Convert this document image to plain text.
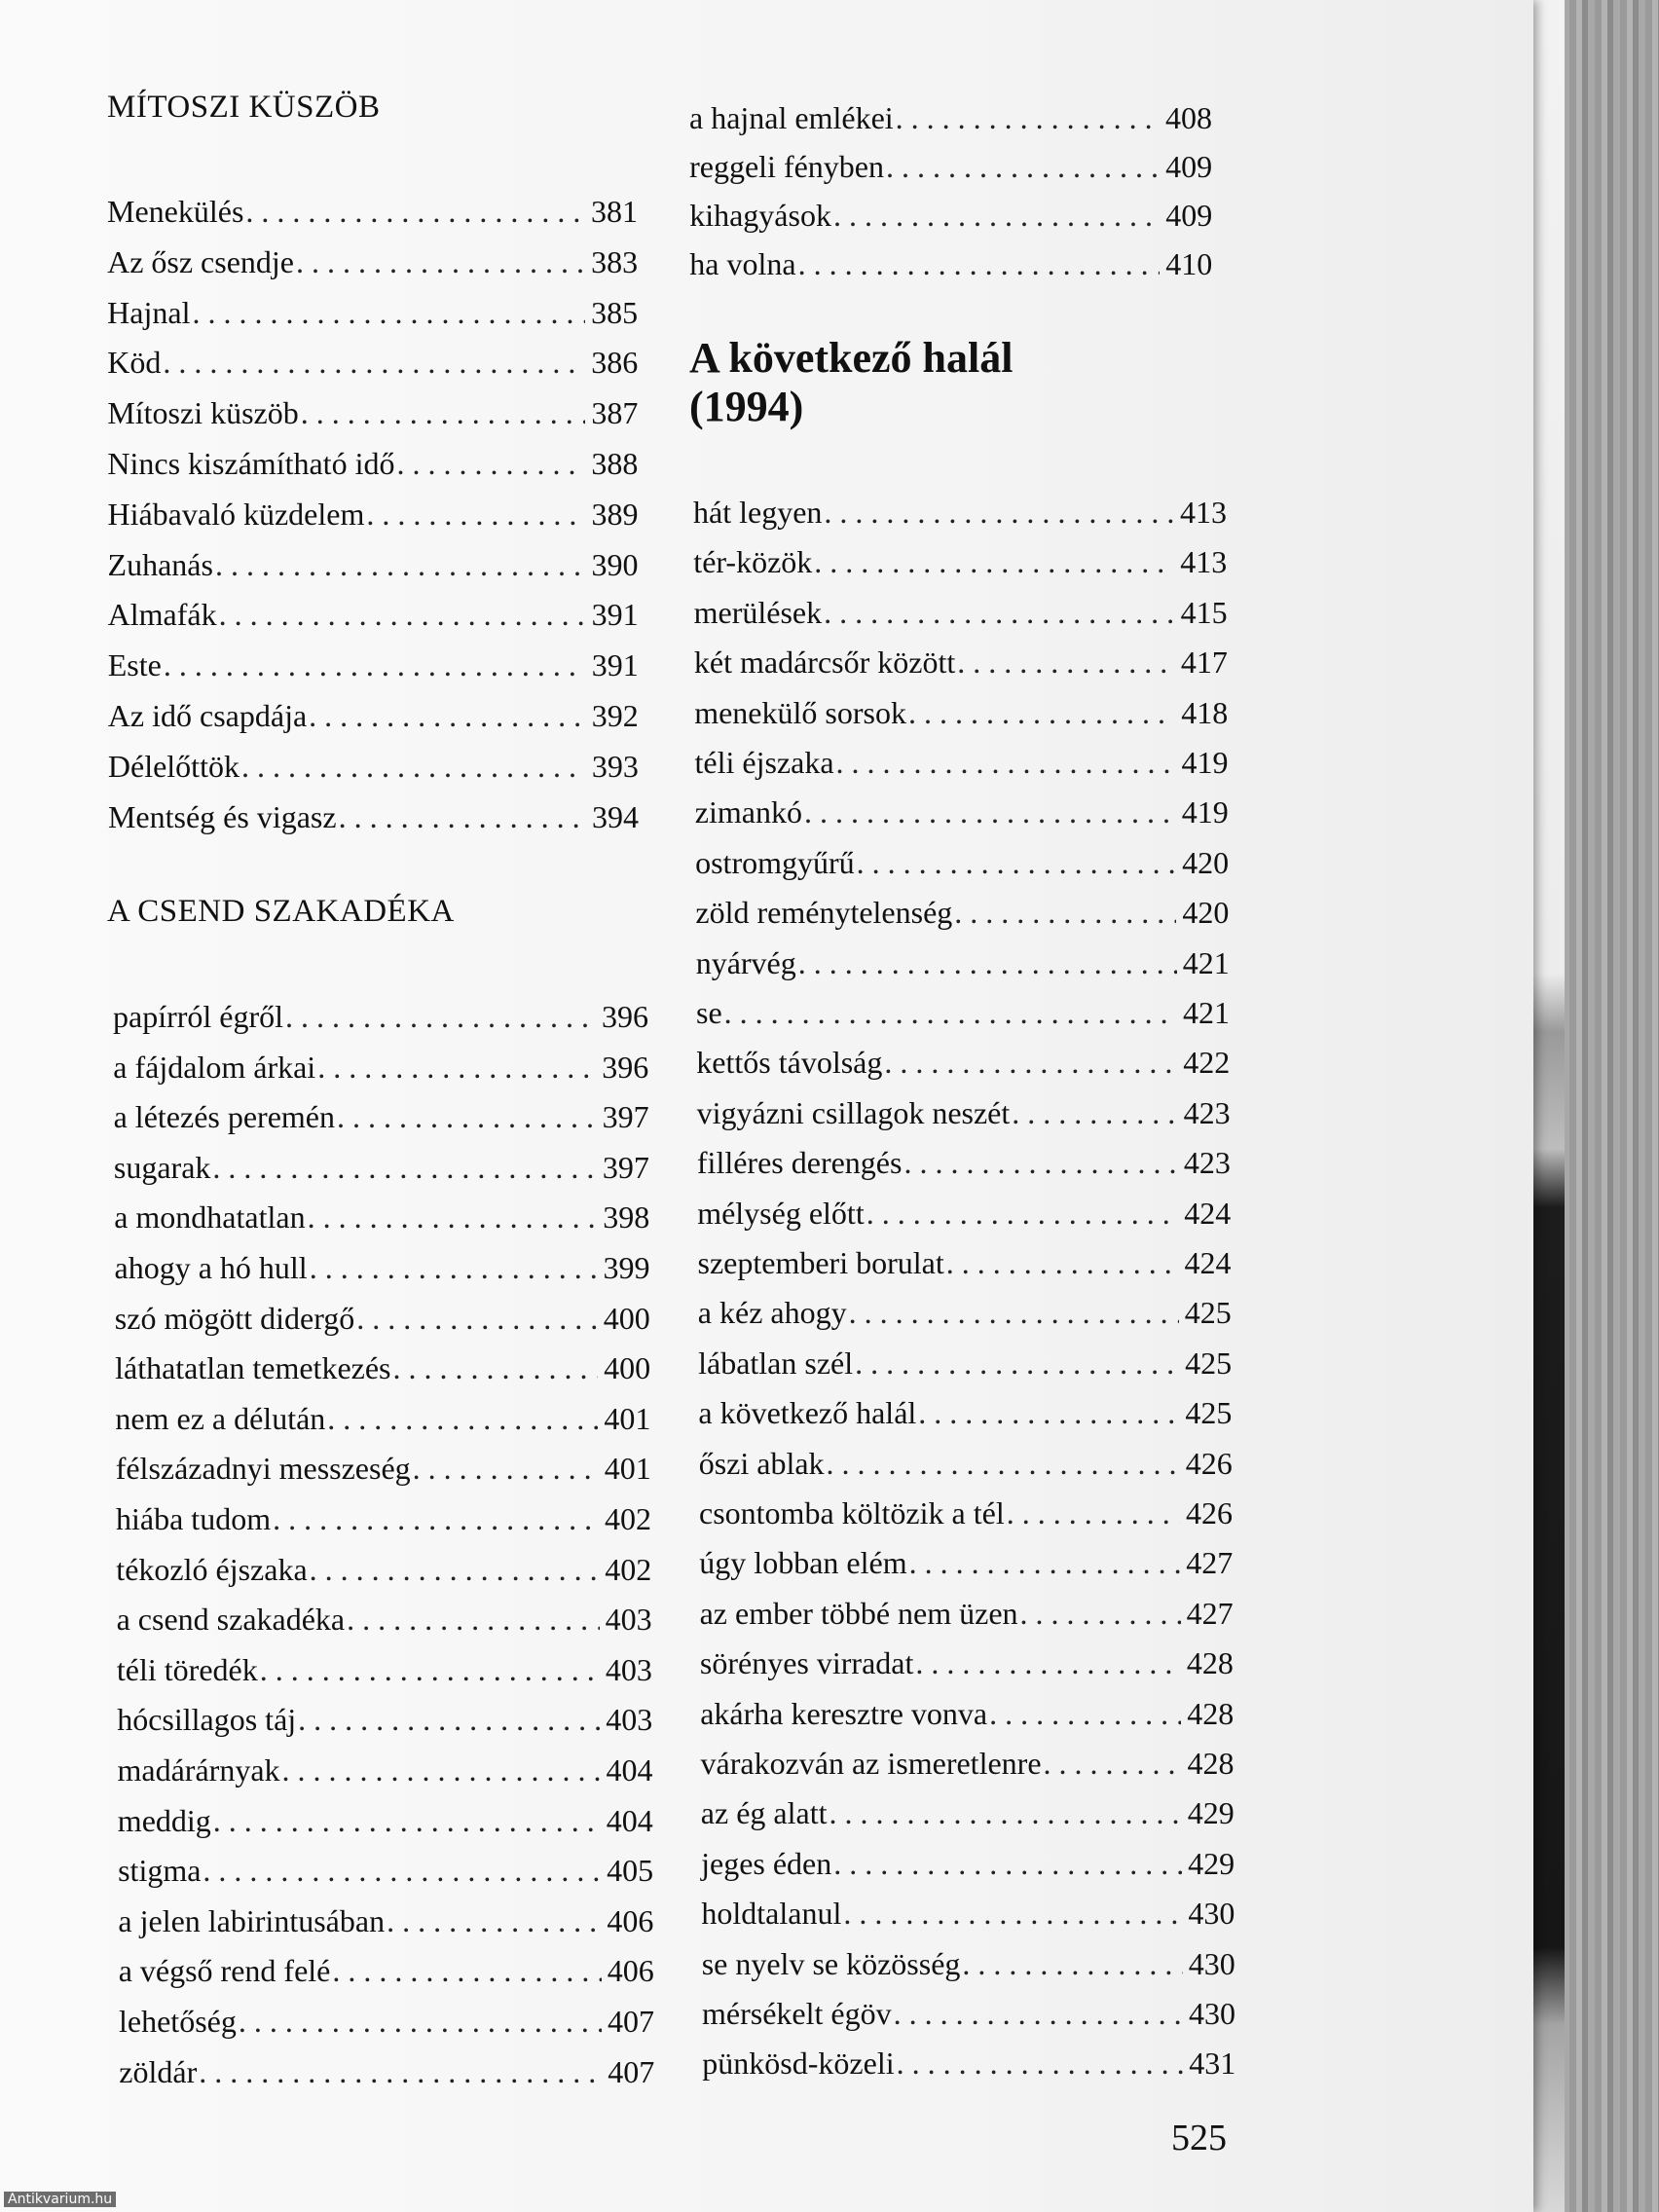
MÍTOSZI KÜSZÖB
Menekülés . . .	381
Az ősz csendje . . .	383
Hajnal . . .	385
Köd . . .	386
Mítoszi küszöb . . .	387
Nincs kiszámítható idő . . .	388
Hiábavaló küzdelem . . .	389
Zuhanás . . .	390
Almafák . . .	391
Este . . .	391
Az idő csapdája . . .	392
Délelőttök . . .	393
Mentség és vigasz . . .	394
A CSEND SZAKADÉKA
papírról égről . . .	396
a fájdalom árkai . . .	396
a létezés peremén . . .	397
sugarak . . .	397
a mondhatatlan . . .	398
ahogy a hó hull . . .	399
szó mögött didergő . . .	400
láthatatlan temetkezés . . .	400
nem ez a délután . . .	401
félszázadnyi messzeség . . .	401
hiába tudom . . .	402
tékozló éjszaka . . .	402
a csend szakadéka . . .	403
téli töredék . . .	403
hócsillagos táj . . .	403
madárárnyak . . .	404
meddig . . .	404
stigma . . .	405
a jelen labirintusában . . .	406
a végső rend felé . . .	406
lehetőség . . .	407
zöldár . . .	407
a hajnal emlékei . . .	408
reggeli fényben . . .	409
kihagyások . . .	409
ha volna . . .	410
A következő halál
(1994)
hát legyen . . .	413
tér-közök . . .	413
merülések . . .	415
két madárcsőr között . . .	417
menekülő sorsok . . .	418
téli éjszaka . . .	419
zimankó . . .	419
ostromgyűrű . . .	420
zöld reménytelenség . . .	420
nyárvég . . .	421
se . . .	421
kettős távolság . . .	422
vigyázni csillagok neszét . . .	423
filléres derengés . . .	423
mélység előtt . . .	424
szeptemberi borulat . . .	424
a kéz ahogy . . .	425
lábatlan szél . . .	425
a következő halál . . .	425
őszi ablak . . .	426
csontomba költözik a tél . . .	426
úgy lobban elém . . .	427
az ember többé nem üzen . . .	427
sörényes virradat . . .	428
akárha keresztre vonva . . .	428
várakozván az ismeretlenre . . .	428
az ég alatt . . .	429
jeges éden . . .	429
holdtalanul . . .	430
se nyelv se közösség . . .	430
mérsékelt égöv . . .	430
pünkösd-közeli . . .	431
525
Antikvarium.hu
